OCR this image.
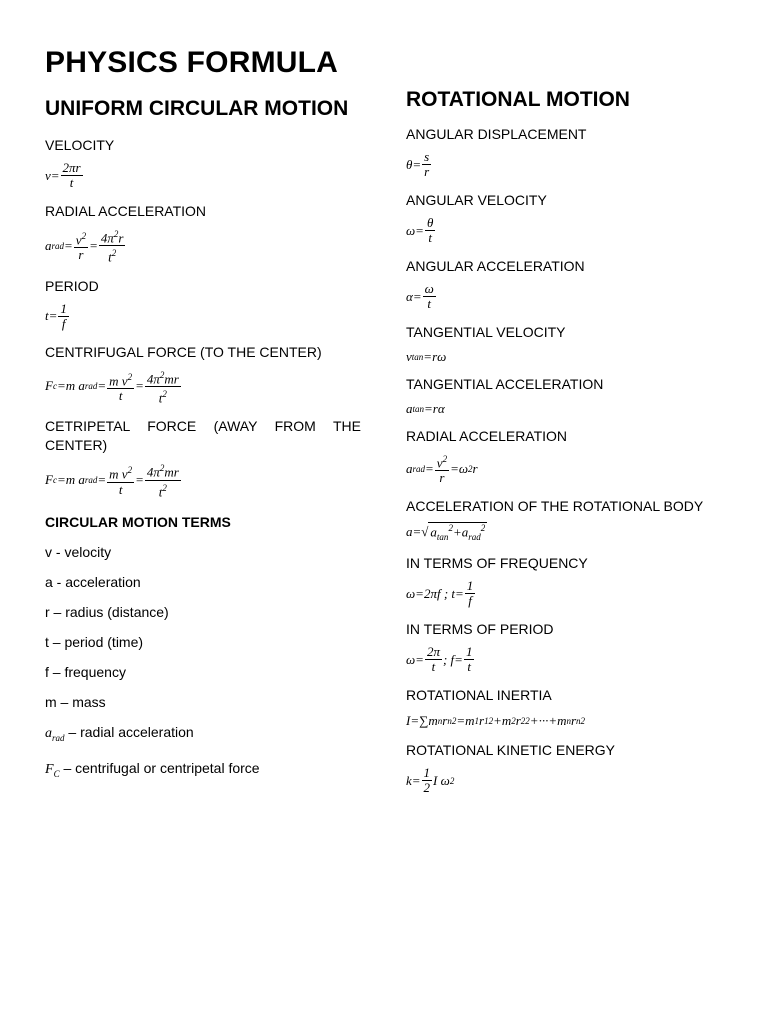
PHYSICS FORMULA

UNIFORM CIRCULAR MOTION

VELOCITY

$v= \frac{2\pi r}{t}$

RADIAL ACCELERATION

a rad = $\frac{v^2}{r} = \frac{4\pi^2r}{t^2}$

PERIOD

$t= \frac{1}{f}$

CENTRIFUGAL FORCE (TO THE CENTER)

F c =m a rad = $\frac{m v^2}{t} = \frac{4\pi^2mr}{t^2}$

CETRIPETAL FORCE (AWAY FROM THE CENTER)

F c =m a rad = $\frac{m v^2}{t} = \frac{4\pi^2mr}{t^2}$

CIRCULAR MOTION TERMS

v - velocity

a - acceleration

r – radius (distance)

t – period (time)

f – frequency

m – mass

$a_{rad}$ – radial acceleration

$F_C$ – centrifugal or centripetal force

ROTATIONAL MOTION

ANGULAR DISPLACEMENT

$\theta= \frac{s}{r}$

ANGULAR VELOCITY

$\omega= \frac{\theta}{t}$

ANGULAR ACCELERATION

$\alpha= \frac{\omega}{t}$

TANGENTIAL VELOCITY

v tan =rω

TANGENTIAL ACCELERATION

a tan =rα

RADIAL ACCELERATION

a rad = $\frac{v^2}{r} =\omega$ 2 r

ACCELERATION OF THE ROTATIONAL BODY

a=√ $a_{tan}^2+a_{rad}^2$

IN TERMS OF FREQUENCY

ω=2πf ; $t= \frac{1}{f}$

IN TERMS OF PERIOD

$\omega= \frac{2\pi}{t}$ ; $f= \frac{1}{t}$

ROTATIONAL INERTIA

I=∑m n r n 2 =m 1 r 1 2 +m 2 r 2 2 +···+m n r n 2

ROTATIONAL KINETIC ENERGY

$k= \frac{1}{2}$ I ω 2
